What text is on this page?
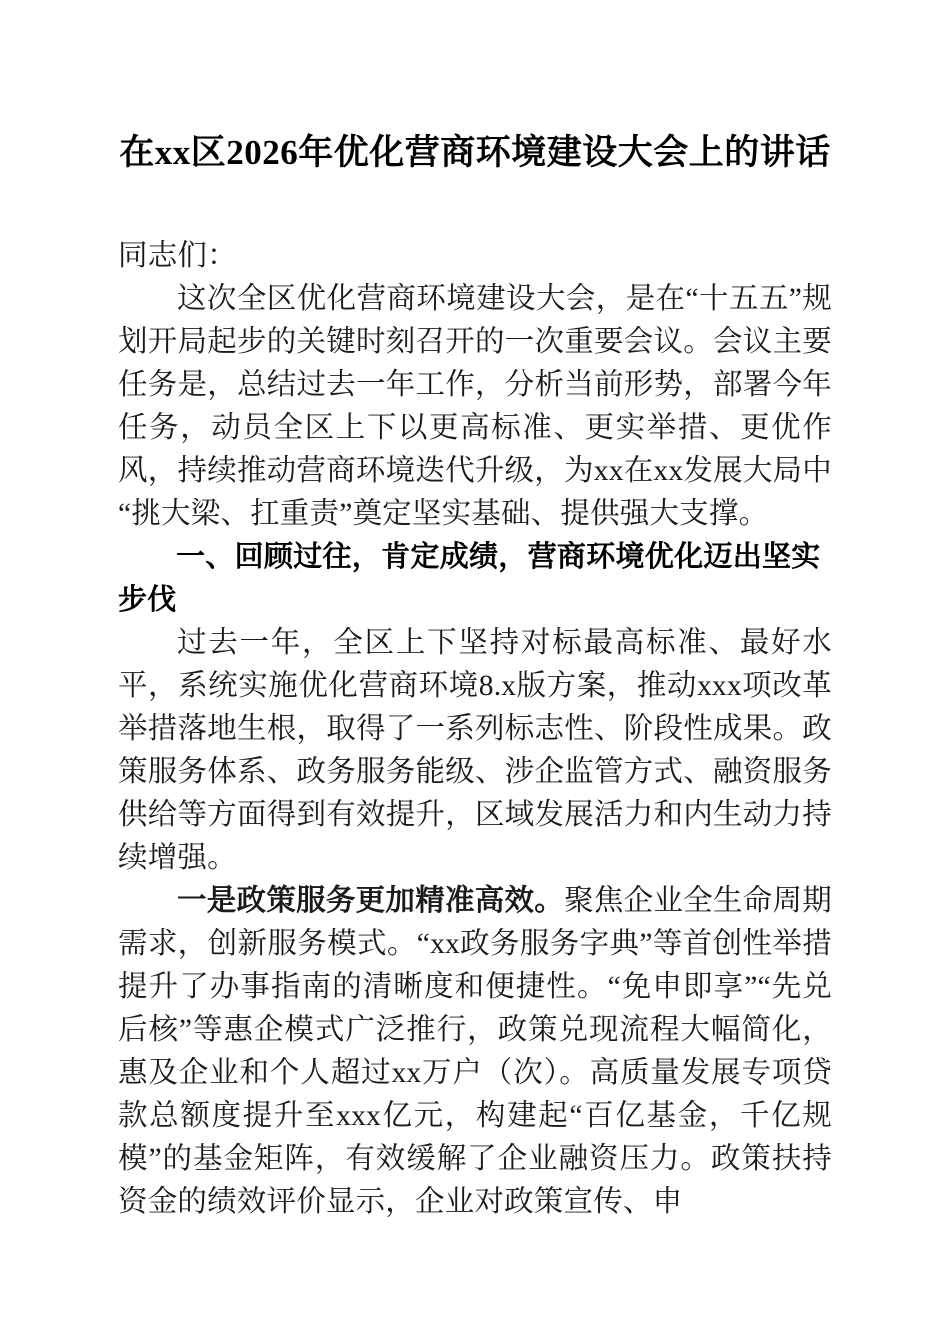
在xx区2026年优化营商环境建设大会上的讲话

同志们：

这次全区优化营商环境建设大会，是在“十五五”规划开局起步的关键时刻召开的一次重要会议。会议主要任务是，总结过去一年工作，分析当前形势，部署今年任务，动员全区上下以更高标准、更实举措、更优作风，持续推动营商环境迭代升级，为xx在xx发展大局中“挑大梁、扛重责”奠定坚实基础、提供强大支撑。

一、回顾过往，肯定成绩，营商环境优化迈出坚实步伐

过去一年，全区上下坚持对标最高标准、最好水平，系统实施优化营商环境8.x版方案，推动xxx项改革举措落地生根，取得了一系列标志性、阶段性成果。政策服务体系、政务服务能级、涉企监管方式、融资服务供给等方面得到有效提升，区域发展活力和内生动力持续增强。

一是政策服务更加精准高效。聚焦企业全生命周期需求，创新服务模式。“xx政务服务字典”等首创性举措提升了办事指南的清晰度和便捷性。“免申即享”“先兑后核”等惠企模式广泛推行，政策兑现流程大幅简化，惠及企业和个人超过xx万户（次）。高质量发展专项贷款总额度提升至xxx亿元，构建起“百亿基金，千亿规模”的基金矩阵，有效缓解了企业融资压力。政策扶持资金的绩效评价显示，企业对政策宣传、申
